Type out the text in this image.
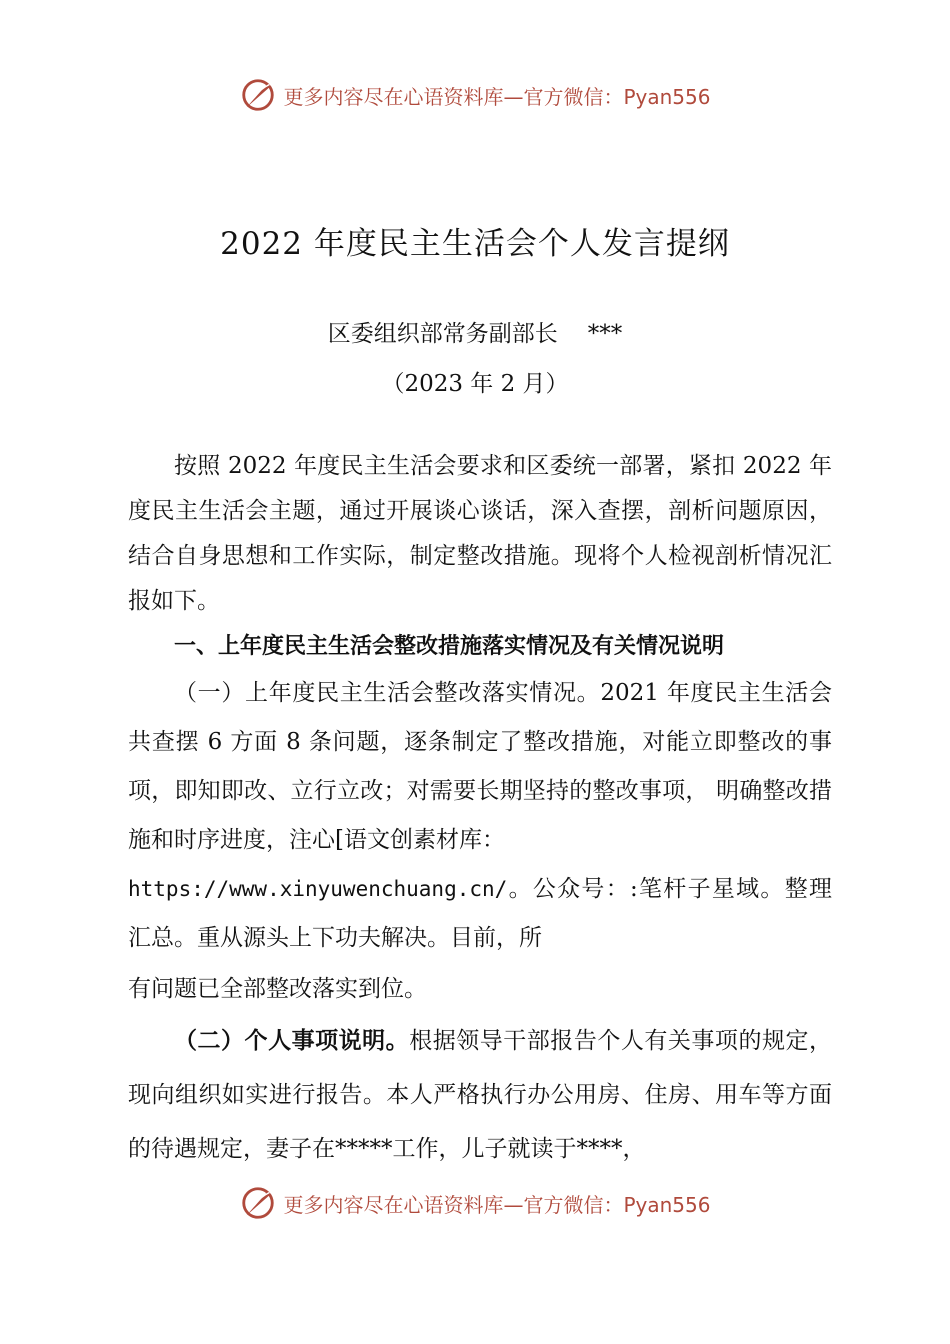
更多内容尽在心语资料库—官方微信：Pyan556
2022 年度民主生活会个人发言提纲
区委组织部常务副部长 ***
（2023 年 2 月）

按照 2022 年度民主生活会要求和区委统一部署，紧扣 2022 年度民主生活会主题，通过开展谈心谈话，深入查摆，剖析问题原因，结合自身思想和工作实际，制定整改措施。现将个人检视剖析情况汇报如下。

一、上年度民主生活会整改措施落实情况及有关情况说明

（一）上年度民主生活会整改落实情况。2021 年度民主生活会共查摆 6 方面 8 条问题，逐条制定了整改措施，对能立即整改的事项，即知即改、立行立改；对需要长期坚持的整改事项， 明确整改措施和时序进度，注心[语文创素材库：
https://www.xinyuwenchuang.cn/。公众号：:笔杆子星域。整理汇总。重从源头上下功夫解决。目前，所

有问题已全部整改落实到位。

（二）个人事项说明。根据领导干部报告个人有关事项的规定，现向组织如实进行报告。本人严格执行办公用房、住房、用车等方面的待遇规定，妻子在*****工作，儿子就读于****，

更多内容尽在心语资料库—官方微信：Pyan556
